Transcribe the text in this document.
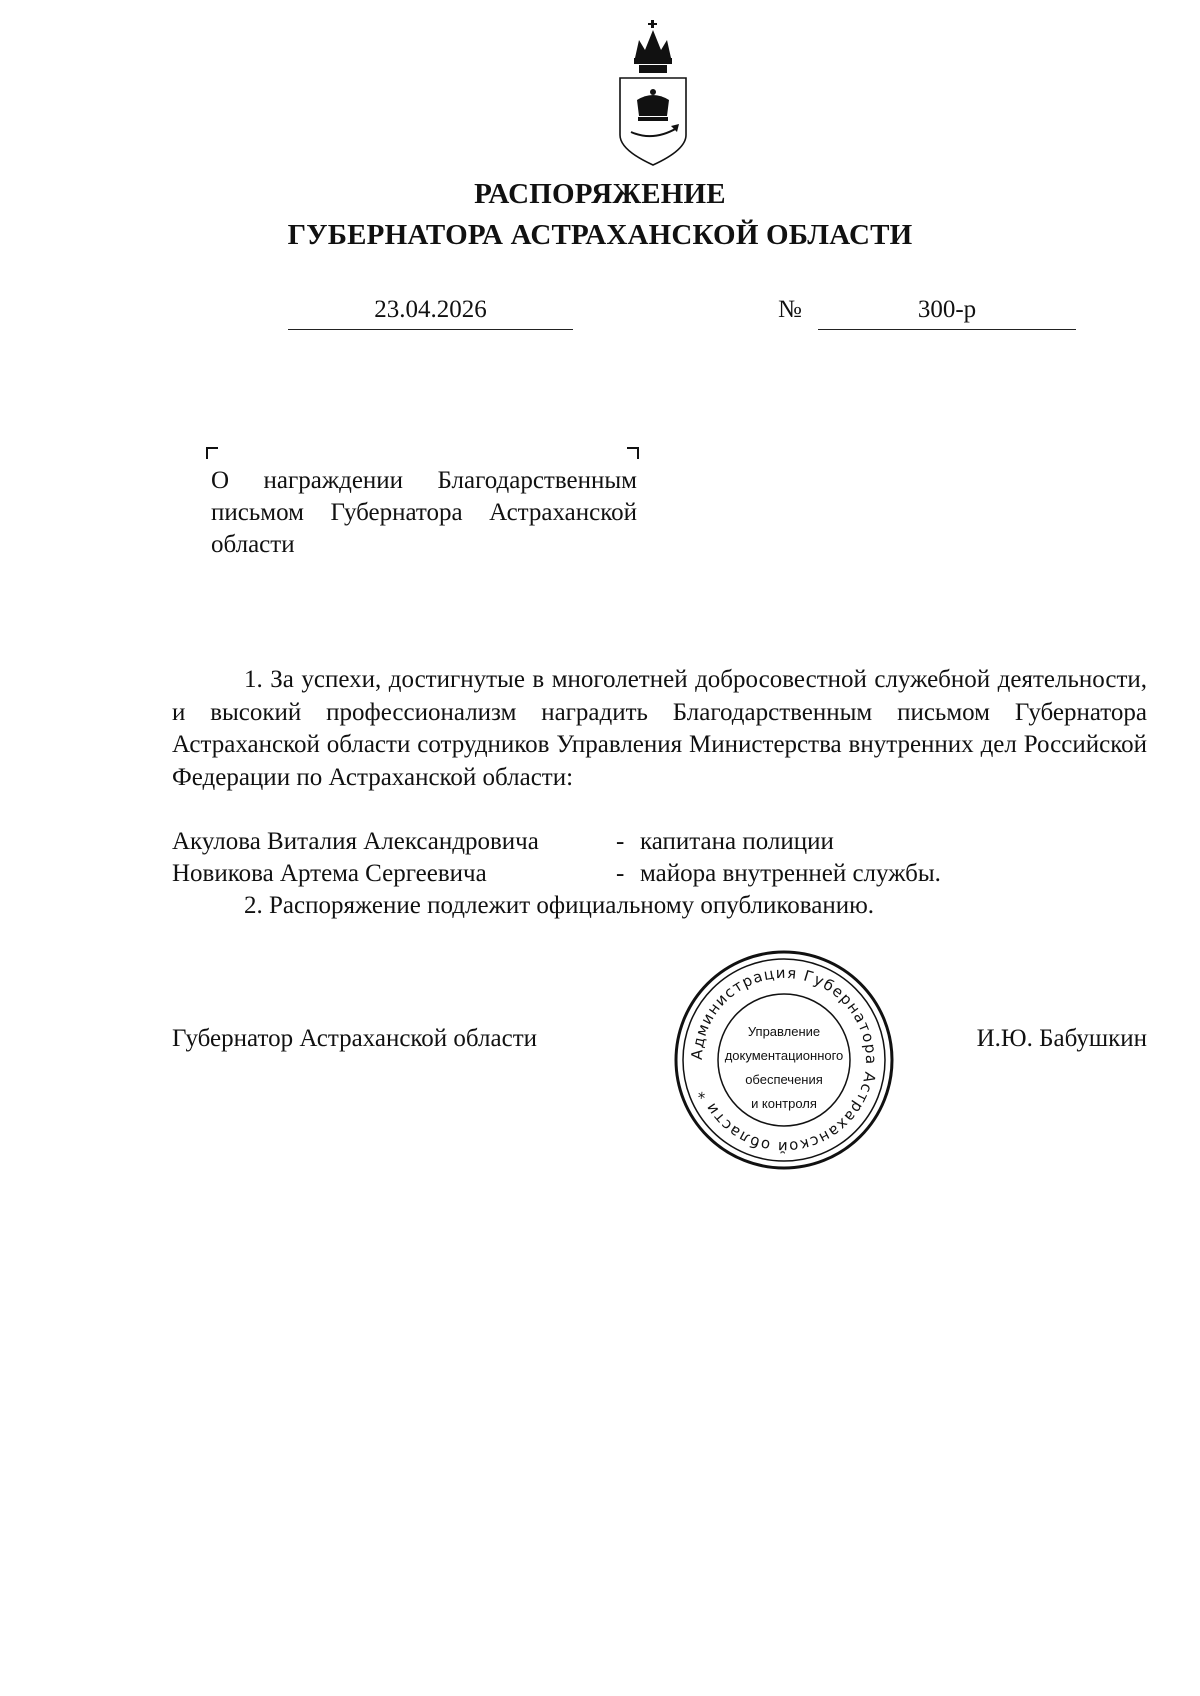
РАСПОРЯЖЕНИЕ
ГУБЕРНАТОРА АСТРАХАНСКОЙ ОБЛАСТИ
23.04.2026	№	300-р
О награждении Благодарственным письмом Губернатора Астраханской области
1. За успехи, достигнутые в многолетней добросовестной служебной деятельности, и высокий профессионализм наградить Благодарственным письмом Губернатора Астраханской области сотрудников Управления Министерства внутренних дел Российской Федерации по Астраханской области:
Акулова Виталия Александровича	- капитана полиции
Новикова Артема Сергеевича	- майора внутренней службы.
2. Распоряжение подлежит официальному опубликованию.
Губернатор Астраханской области	И.Ю. Бабушкин
Администрация Губернатора Астраханской области *
Управление
документационного
обеспечения
и контроля
